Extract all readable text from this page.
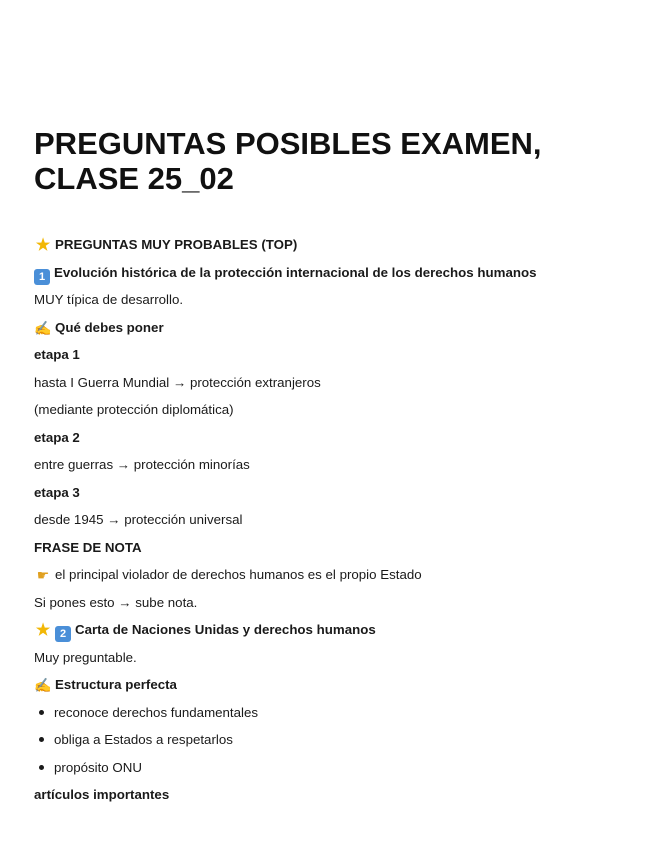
PREGUNTAS POSIBLES EXAMEN,
CLASE 25_02
★ PREGUNTAS MUY PROBABLES (TOP)
1 Evolución histórica de la protección internacional de los derechos humanos
MUY típica de desarrollo.
✍ Qué debes poner
etapa 1
hasta I Guerra Mundial → protección extranjeros
(mediante protección diplomática)
etapa 2
entre guerras → protección minorías
etapa 3
desde 1945 → protección universal
FRASE DE NOTA
☛ el principal violador de derechos humanos es el propio Estado
Si pones esto → sube nota.
★ 2 Carta de Naciones Unidas y derechos humanos
Muy preguntable.
✍ Estructura perfecta
reconoce derechos fundamentales
obliga a Estados a respetarlos
propósito ONU
artículos importantes
